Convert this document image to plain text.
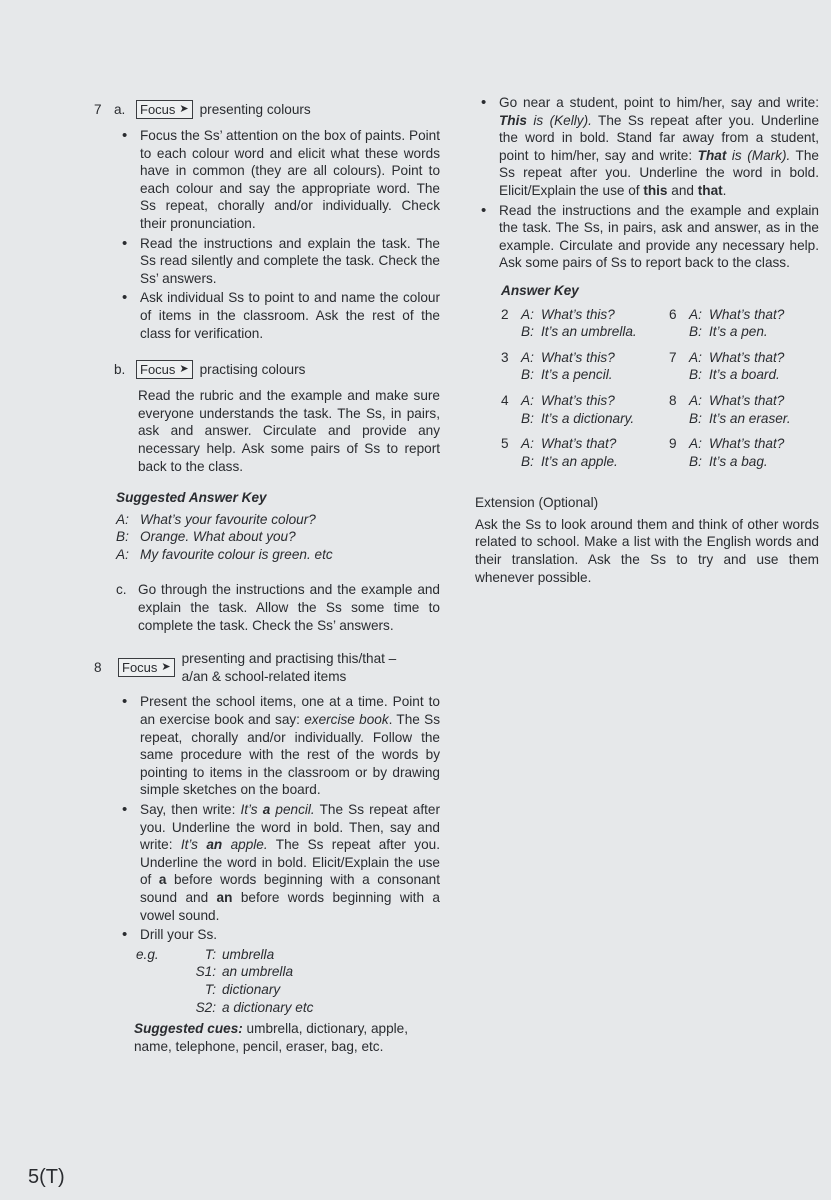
7 a.	Focus ➤ presenting colours
• Focus the Ss’ attention on the box of paints. Point to each colour word and elicit what these words have in common (they are all colours). Point to each colour and say the appropriate word. The Ss repeat, chorally and/or individually. Check their pronunciation.
• Read the instructions and explain the task. The Ss read silently and complete the task. Check the Ss’ answers.
• Ask individual Ss to point to and name the colour of items in the classroom. Ask the rest of the class for verification.
b.	Focus ➤ practising colours
Read the rubric and the example and make sure everyone understands the task. The Ss, in pairs, ask and answer. Circulate and provide any necessary help. Ask some pairs of Ss to report back to the class.
Suggested Answer Key
A: What’s your favourite colour?
B: Orange. What about you?
A: My favourite colour is green. etc
c. Go through the instructions and the example and explain the task. Allow the Ss some time to complete the task. Check the Ss’ answers.
8	Focus ➤
presenting and practising this/that – a/an & school-related items
• Present the school items, one at a time. Point to an exercise book and say: exercise book. The Ss repeat, chorally and/or individually. Follow the same procedure with the rest of the words by pointing to items in the classroom or by drawing simple sketches on the board.
• Say, then write: It’s a pencil. The Ss repeat after you. Underline the word in bold. Then, say and write: It’s an apple. The Ss repeat after you. Underline the word in bold. Elicit/Explain the use of a before words beginning with a consonant sound and an before words beginning with a vowel sound.
• Drill your Ss.
e.g.	T: umbrella
S1: an umbrella
T: dictionary
S2: a dictionary etc
Suggested cues: umbrella, dictionary, apple, name, telephone, pencil, eraser, bag, etc.
• Go near a student, point to him/her, say and write: This is (Kelly). The Ss repeat after you. Underline the word in bold. Stand far away from a student, point to him/her, say and write: That is (Mark). The Ss repeat after you. Underline the word in bold. Elicit/Explain the use of this and that.
• Read the instructions and the example and explain the task. The Ss, in pairs, ask and answer, as in the example. Circulate and provide any necessary help. Ask some pairs of Ss to report back to the class.
Answer Key
2 A: What’s this?
B: It’s an umbrella.
6 A: What’s that?
B: It’s a pen.
3 A: What’s this?
B: It’s a pencil.
7 A: What’s that?
B: It’s a board.
4 A: What’s this?
B: It’s a dictionary.
8 A: What’s that?
B: It’s an eraser.
5 A: What’s that?
B: It’s an apple.
9 A: What’s that?
B: It’s a bag.
Extension (Optional)
Ask the Ss to look around them and think of other words related to school. Make a list with the English words and their translation. Ask the Ss to try and use them whenever possible.
5(T)
